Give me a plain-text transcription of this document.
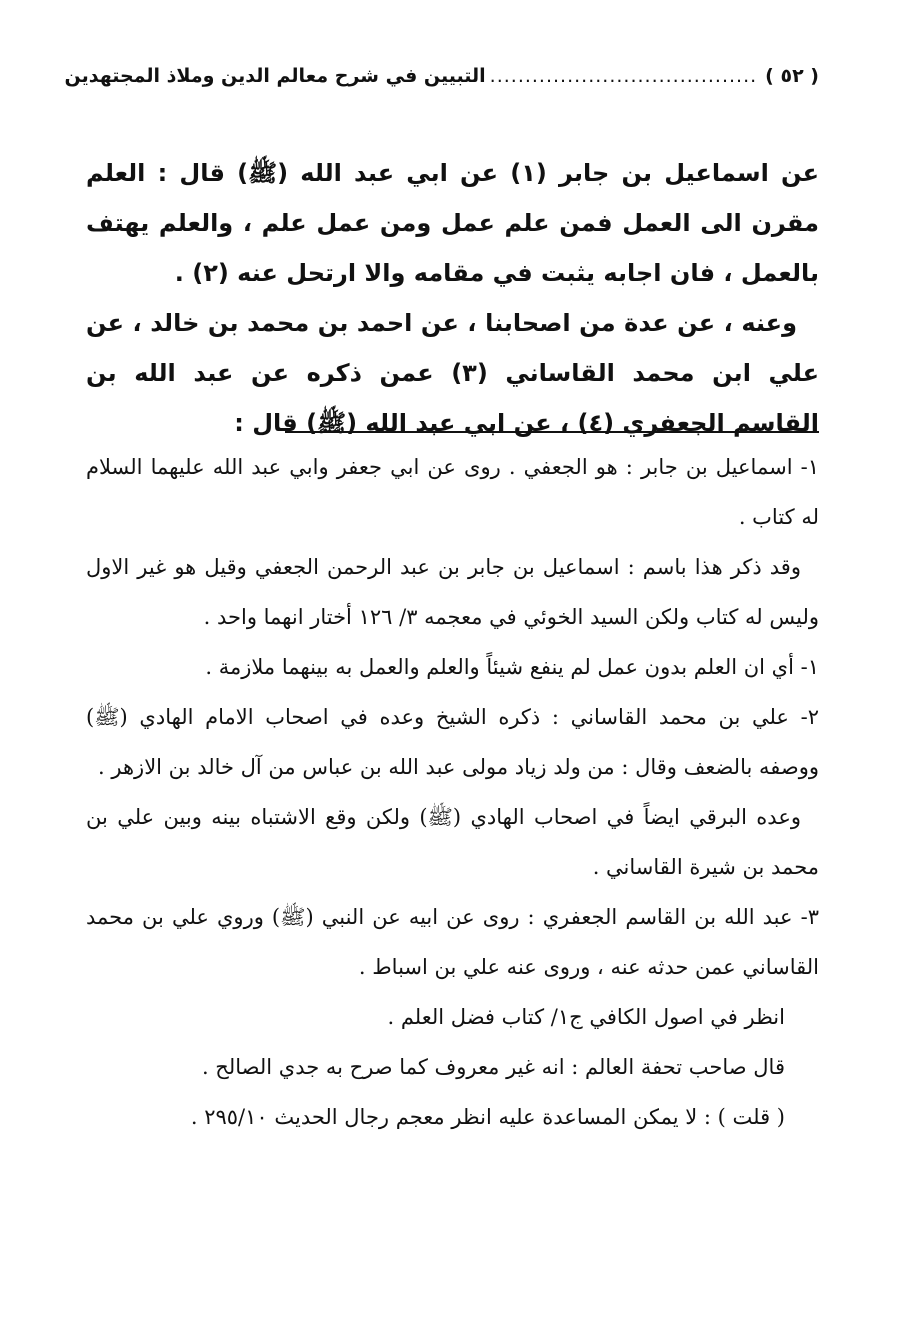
( ٥٢ )
......................................
التبيين في شرح معالم الدين وملاذ المجتهدين

عن اسماعيل بن جابر (١) عن ابي عبد الله (ﷺ) قال : العلم مقرن الى العمل فمن علم عمل ومن عمل علم ، والعلم يهتف بالعمل ، فان اجابه يثبت في مقامه والا ارتحل عنه (٢) .

وعنه ، عن عدة من اصحابنا ، عن احمد بن محمد بن خالد ، عن علي ابن محمد القاساني (٣) عمن ذكره عن عبد الله بن القاسم الجعفري (٤) ، عن ابي عبد الله (ﷺ) قال :

١- اسماعيل بن جابر : هو الجعفي . روى عن ابي جعفر وابي عبد الله عليهما السلام له كتاب .

وقد ذكر هذا باسم : اسماعيل بن جابر بن عبد الرحمن الجعفي وقيل هو غير الاول وليس له كتاب ولكن السيد الخوئي في معجمه ٣/ ١٢٦ أختار انهما واحد .

١- أي ان العلم بدون عمل لم ينفع شيئاً والعلم والعمل به بينهما ملازمة .

٢- علي بن محمد القاساني : ذكره الشيخ وعده في اصحاب الامام الهادي (ﷺ) ووصفه بالضعف وقال : من ولد زياد مولى عبد الله بن عباس من آل خالد بن الازهر .

وعده البرقي ايضاً في اصحاب الهادي (ﷺ) ولكن وقع الاشتباه بينه وبين علي بن محمد بن شيرة القاساني .

٣- عبد الله بن القاسم الجعفري : روى عن ابيه عن النبي (ﷺ) وروي علي بن محمد القاساني عمن حدثه عنه ، وروى عنه علي بن اسباط .

انظر في اصول الكافي ج١/ كتاب فضل العلم .

قال صاحب تحفة العالم : انه غير معروف كما صرح به جدي الصالح .

( قلت ) : لا يمكن المساعدة عليه انظر معجم رجال الحديث ٢٩٥/١٠ .
